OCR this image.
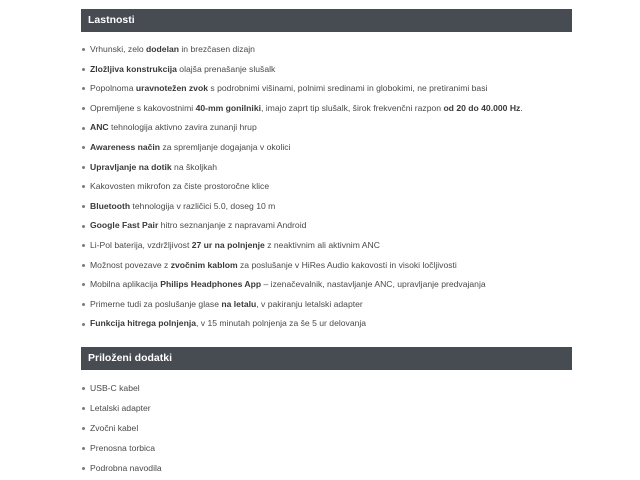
Lastnosti
Vrhunski, zelo dodelan in brezčasen dizajn
Zložljiva konstrukcija olajša prenašanje slušalk
Popolnoma uravnotežen zvok s podrobnimi višinami, polnimi sredinami in globokimi, ne pretiranimi basi
Opremljene s kakovostnimi 40-mm gonilniki, imajo zaprt tip slušalk, širok frekvenčni razpon od 20 do 40.000 Hz.
ANC tehnologija aktivno zavira zunanji hrup
Awareness način za spremljanje dogajanja v okolici
Upravljanje na dotik na školjkah
Kakovosten mikrofon za čiste prostoročne klice
Bluetooth tehnologija v različici 5.0, doseg 10 m
Google Fast Pair hitro seznanjanje z napravami Android
Li-Pol baterija, vzdržljivost 27 ur na polnjenje z neaktivnim ali aktivnim ANC
Možnost povezave z zvočnim kablom za poslušanje v HiRes Audio kakovosti in visoki ločljivosti
Mobilna aplikacija Philips Headphones App – izenačevalnik, nastavljanje ANC, upravljanje predvajanja
Primerne tudi za poslušanje glase na letalu, v pakiranju letalski adapter
Funkcija hitrega polnjenja, v 15 minutah polnjenja za še 5 ur delovanja
Priloženi dodatki
USB-C kabel
Letalski adapter
Zvočni kabel
Prenosna torbica
Podrobna navodila
